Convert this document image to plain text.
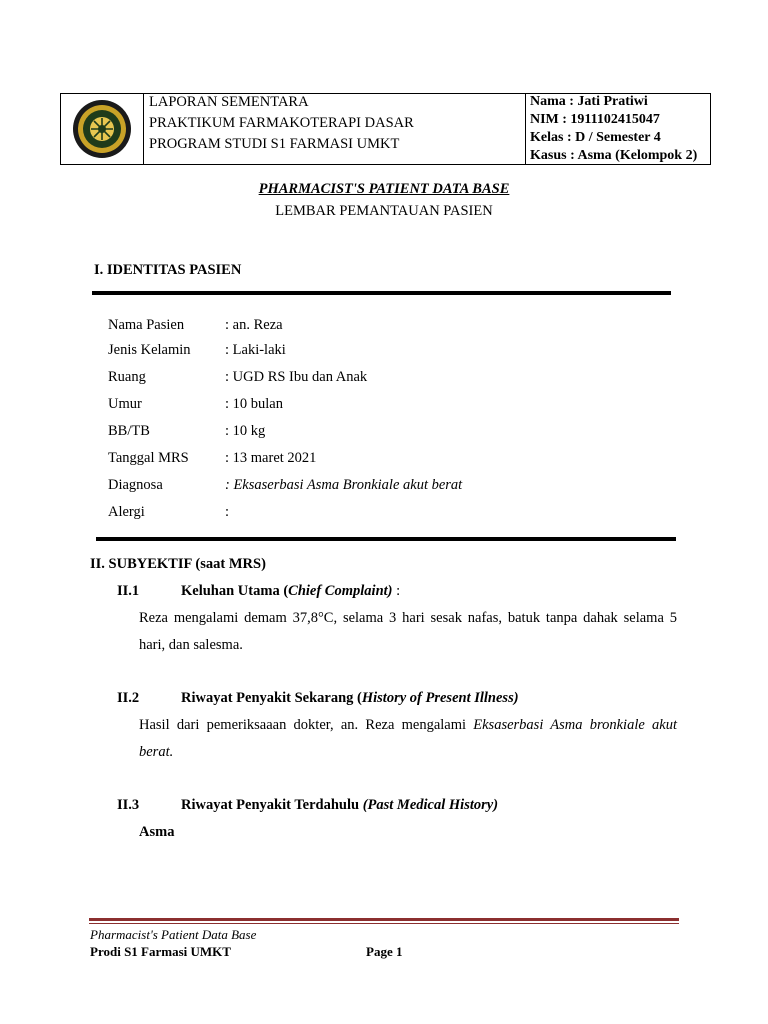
LAPORAN SEMENTARA
PRAKTIKUM FARMAKOTERAPI DASAR
PROGRAM STUDI S1 FARMASI UMKT
Nama : Jati Pratiwi
NIM : 1911102415047
Kelas : D / Semester 4
Kasus : Asma (Kelompok 2)
PHARMACIST'S PATIENT DATA BASE
LEMBAR PEMANTAUAN PASIEN
I. IDENTITAS PASIEN
Nama Pasien	: an. Reza
Jenis Kelamin : Laki-laki
Ruang	: UGD RS Ibu dan Anak
Umur	: 10 bulan
BB/TB	: 10 kg
Tanggal MRS	: 13 maret 2021
Diagnosa	: Eksaserbasi Asma Bronkiale akut berat
Alergi	:
II. SUBYEKTIF (saat MRS)
II.1	Keluhan Utama (Chief Complaint) :
Reza mengalami demam 37,8°C, selama 3 hari sesak nafas, batuk tanpa dahak selama 5 hari, dan salesma.
II.2	Riwayat Penyakit Sekarang (History of Present Illness)
Hasil dari pemeriksaaan dokter, an. Reza mengalami Eksaserbasi Asma bronkiale akut berat.
II.3	Riwayat Penyakit Terdahulu (Past Medical History)
Asma
Pharmacist's Patient Data Base
Prodi S1 Farmasi UMKT	Page 1
